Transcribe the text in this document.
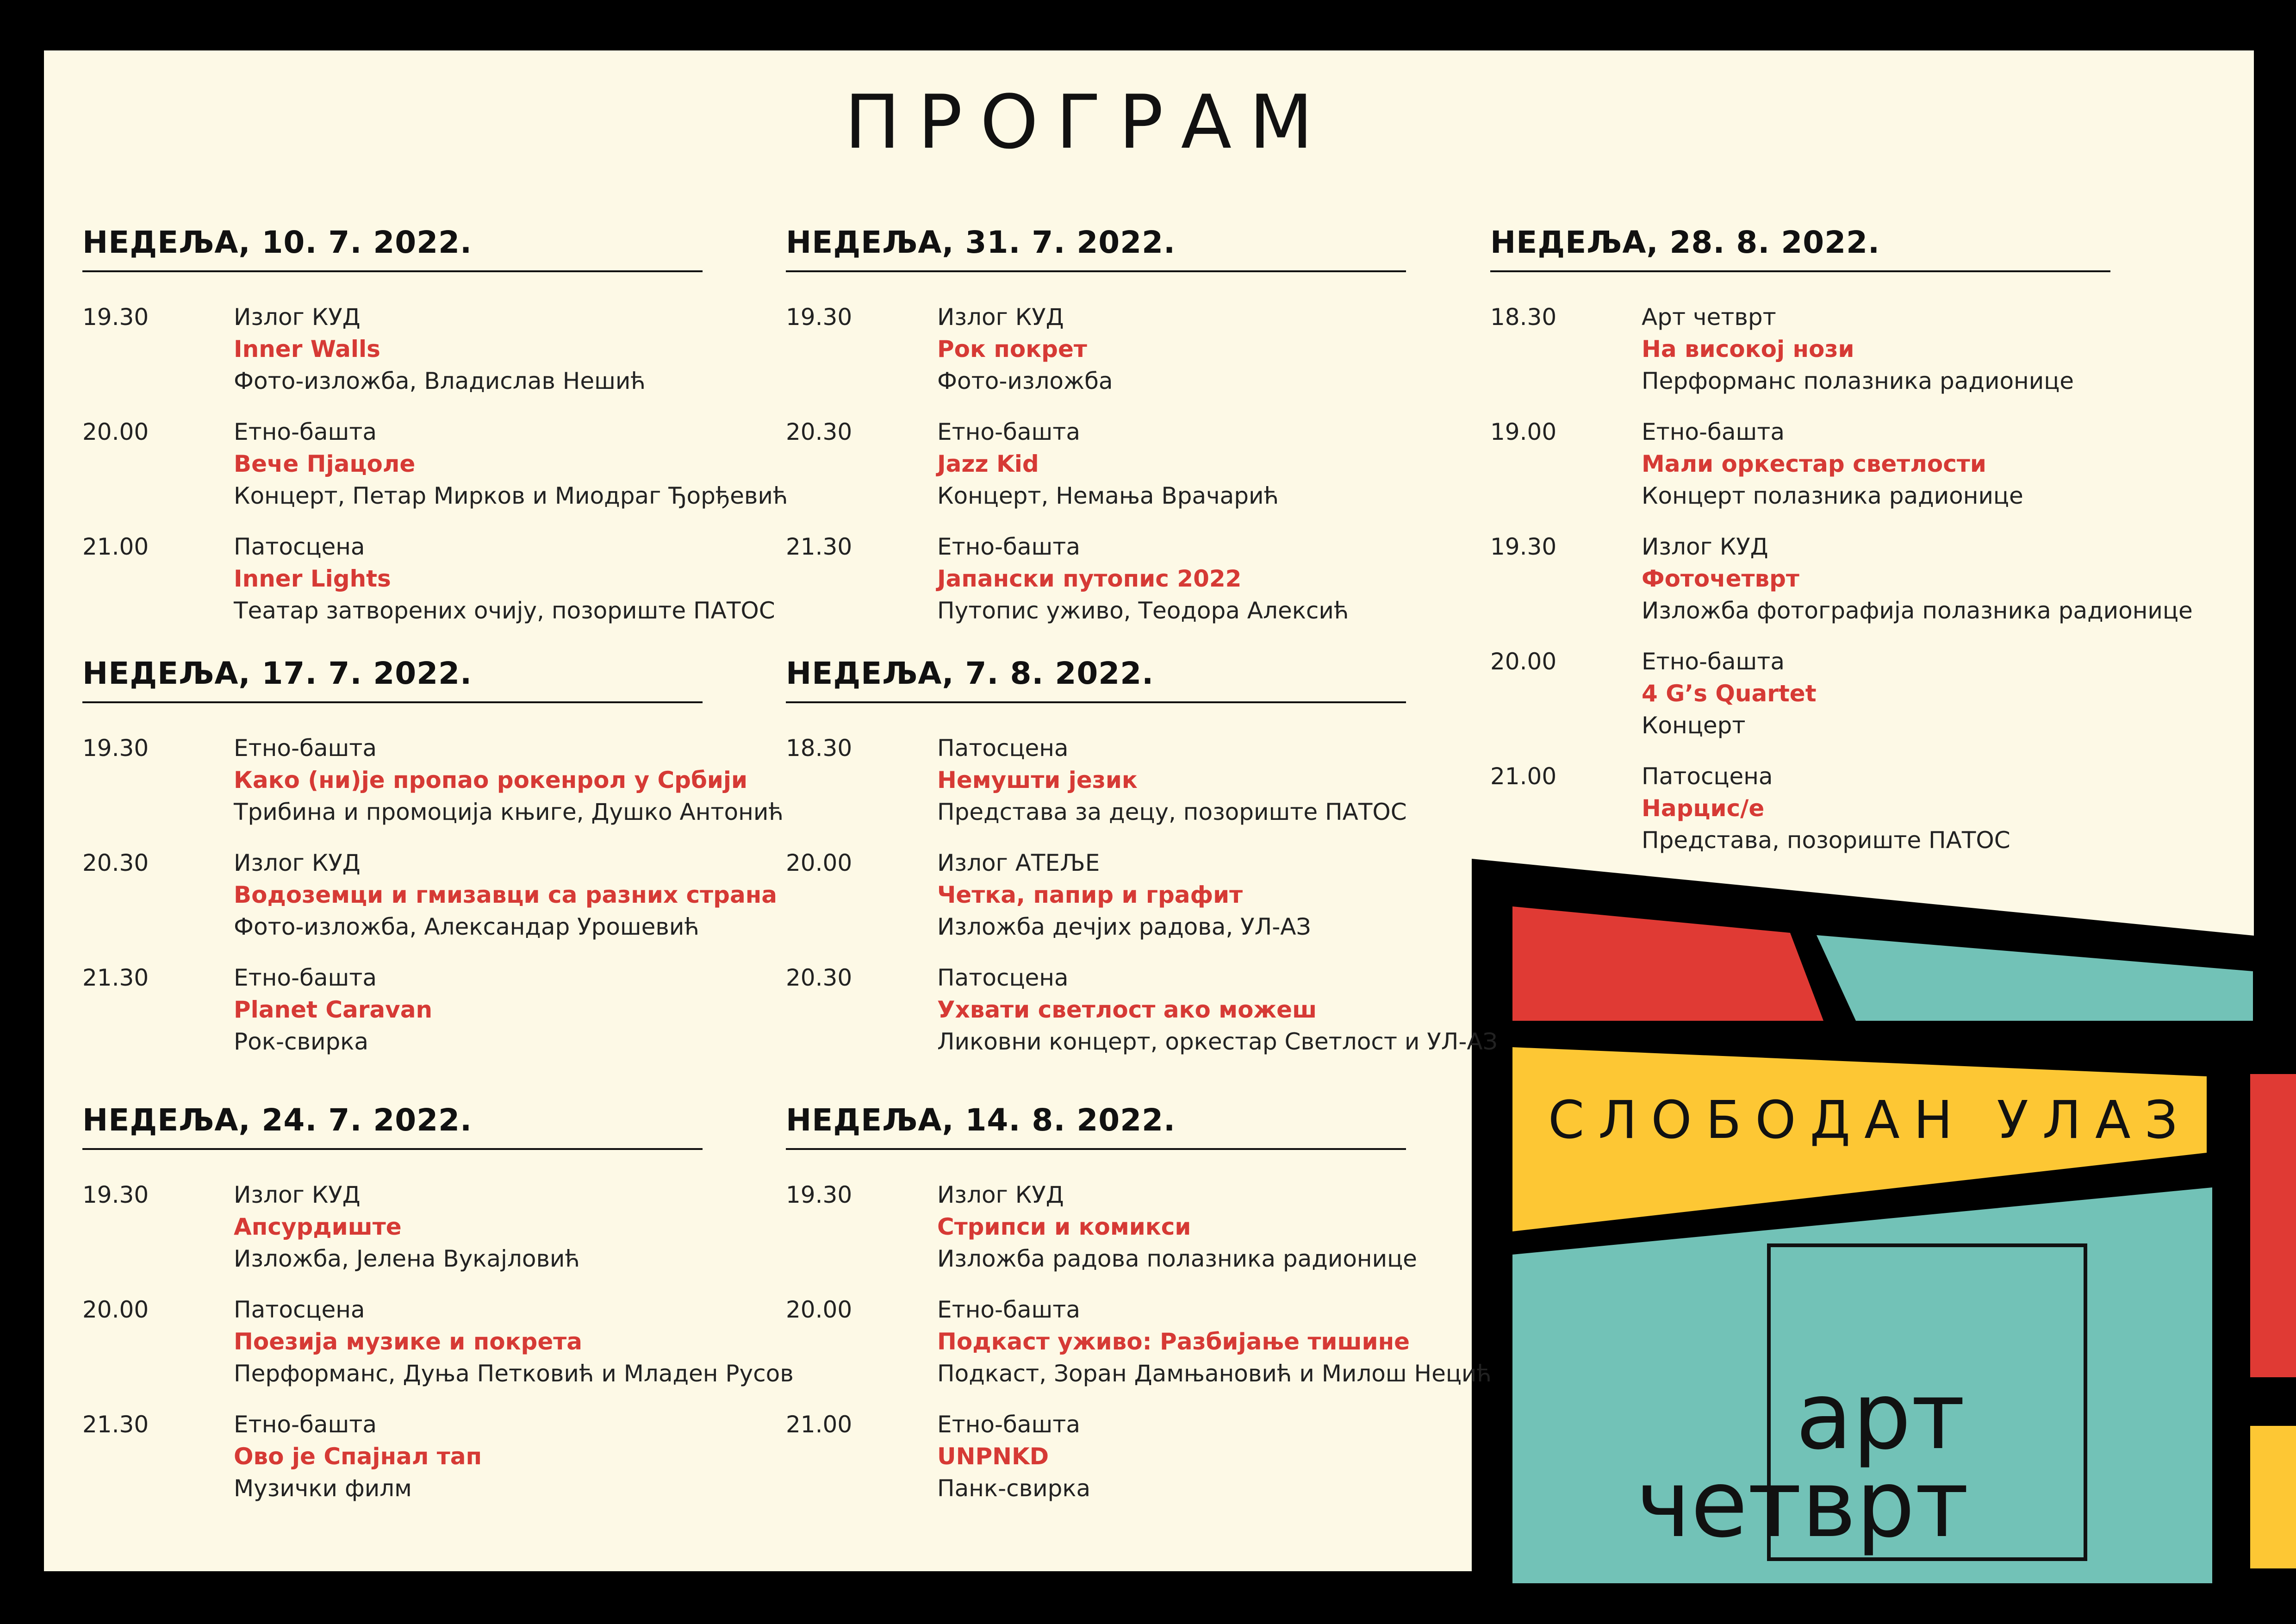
ПРОГРАМ
НЕДЕЉА, 10. 7. 2022.
19.30	Излог КУД
Inner Walls
Фото-изложба, Владислав Нешић
20.00	Етно-башта
Вече Пјацоле
Концерт, Петар Мирков и Миодраг Ђорђевић
21.00	Патосцена
Inner Lights
Театар затворених очију, позориште ПАТОС
НЕДЕЉА, 17. 7. 2022.
19.30	Етно-башта
Како (ни)је пропао рокенрол у Србији
Трибина и промоција књиге, Душко Антонић
20.30	Излог КУД
Водоземци и гмизавци са разних страна
Фото-изложба, Александар Урошевић
21.30	Етно-башта
Planet Caravan
Рок-свирка
НЕДЕЉА, 24. 7. 2022.
19.30	Излог КУД
Апсурдиште
Изложба, Јелена Вукајловић
20.00	Патосцена
Поезија музике и покрета
Перформанс, Дуња Петковић и Младен Русов
21.30	Етно-башта
Ово је Спајнал тап
Музички филм
НЕДЕЉА, 31. 7. 2022.
19.30	Излог КУД
Рок покрет
Фото-изложба
20.30	Етно-башта
Jazz Kid
Концерт, Немања Врачарић
21.30	Етно-башта
Јапански путопис 2022
Путопис уживо, Теодора Алексић
НЕДЕЉА, 7. 8. 2022.
18.30	Патосцена
Немушти језик
Представа за децу, позориште ПАТОС
20.00	Излог АТЕЉЕ
Четка, папир и графит
Изложба дечјих радова, УЛ-АЗ
20.30	Патосцена
Ухвати светлост ако можеш
Ликовни концерт, оркестар Светлост и УЛ-АЗ
НЕДЕЉА, 14. 8. 2022.
19.30	Излог КУД
Стрипси и комикси
Изложба радова полазника радионице
20.00	Етно-башта
Подкаст уживо: Разбијање тишине
Подкаст, Зоран Дамњановић и Милош Нецић
21.00	Етно-башта
UNPNKD
Панк-свирка
НЕДЕЉА, 28. 8. 2022.
18.30	Арт четврт
На високој нози
Перформанс полазника радионице
19.00	Етно-башта
Мали оркестар светлости
Концерт полазника радионице
19.30	Излог КУД
Фоточетврт
Изложба фотографија полазника радионице
20.00	Етно-башта
4 G’s Quartet
Концерт
21.00	Патосцена
Нарцис/е
Представа, позориште ПАТОС
СЛОБОДАН УЛАЗ
арт
четврт
